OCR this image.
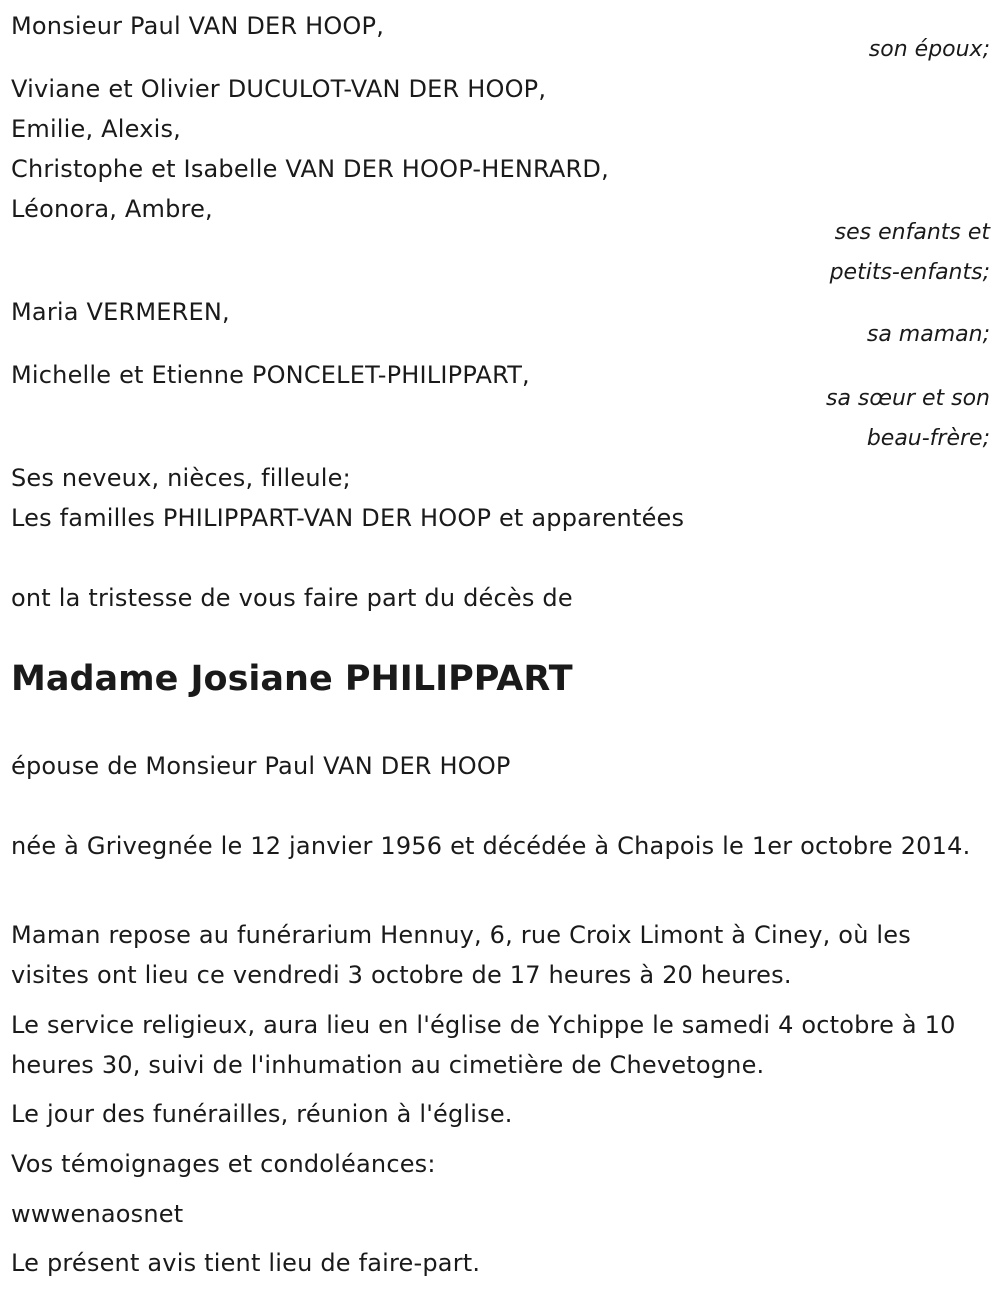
Monsieur Paul VAN DER HOOP,
son époux;
Viviane et Olivier DUCULOT-VAN DER HOOP,
Emilie, Alexis,
Christophe et Isabelle VAN DER HOOP-HENRARD,
Léonora, Ambre,
ses enfants et
petits-enfants;
Maria VERMEREN,
sa maman;
Michelle et Etienne PONCELET-PHILIPPART,
sa sœur et son
beau-frère;
Ses neveux, nièces, filleule;
Les familles PHILIPPART-VAN DER HOOP et apparentées
ont la tristesse de vous faire part du décès de
Madame Josiane PHILIPPART
épouse de Monsieur Paul VAN DER HOOP
née à Grivegnée le 12 janvier 1956 et décédée à Chapois le 1er octobre 2014.
Maman repose au funérarium Hennuy, 6, rue Croix Limont à Ciney, où les visites ont lieu ce vendredi 3 octobre de 17 heures à 20 heures.
Le service religieux, aura lieu en l'église de Ychippe le samedi 4 octobre à 10 heures 30, suivi de l'inhumation au cimetière de Chevetogne.
Le jour des funérailles, réunion à l'église.
Vos témoignages et condoléances:
wwwenaosnet
Le présent avis tient lieu de faire-part.
